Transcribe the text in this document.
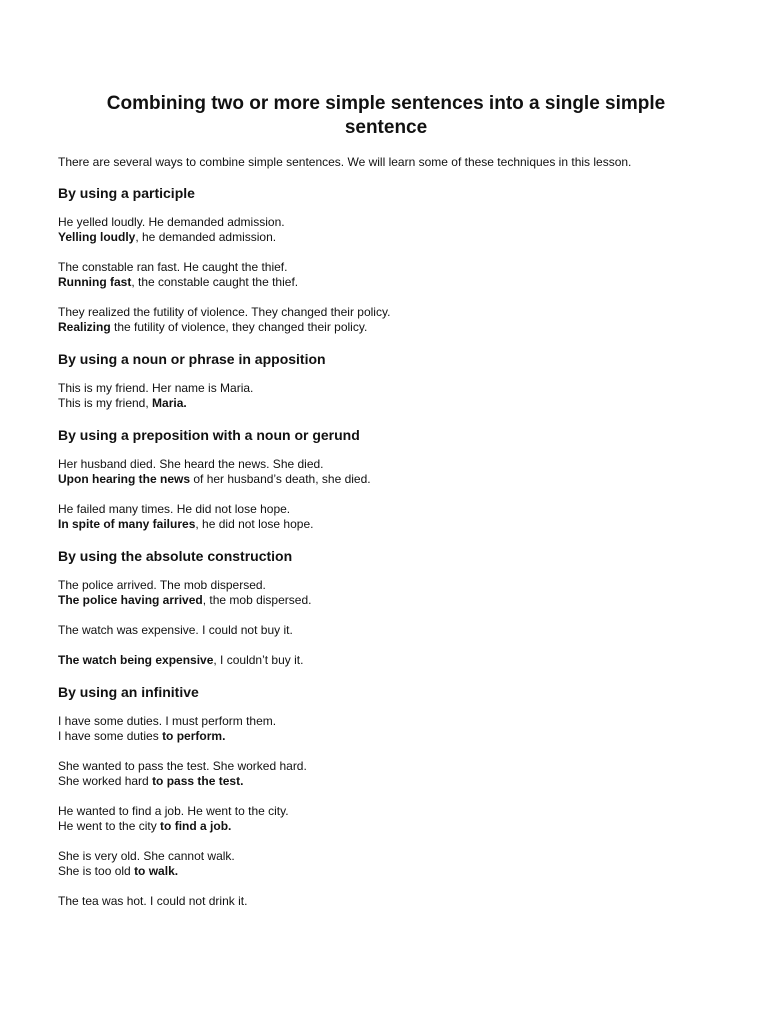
Combining two or more simple sentences into a single simple sentence

There are several ways to combine simple sentences. We will learn some of these techniques in this lesson.

By using a participle
He yelled loudly. He demanded admission.
Yelling loudly, he demanded admission.
The constable ran fast. He caught the thief.
Running fast, the constable caught the thief.
They realized the futility of violence. They changed their policy.
Realizing the futility of violence, they changed their policy.
By using a noun or phrase in apposition
This is my friend. Her name is Maria.
This is my friend, Maria.
By using a preposition with a noun or gerund
Her husband died. She heard the news. She died.
Upon hearing the news of her husband’s death, she died.
He failed many times. He did not lose hope.
In spite of many failures, he did not lose hope.
By using the absolute construction
The police arrived. The mob dispersed.
The police having arrived, the mob dispersed.
The watch was expensive. I could not buy it.
The watch being expensive, I couldn’t buy it.
By using an infinitive
I have some duties. I must perform them.
I have some duties to perform.
She wanted to pass the test. She worked hard.
She worked hard to pass the test.
He wanted to find a job. He went to the city.
He went to the city to find a job.
She is very old. She cannot walk.
She is too old to walk.
The tea was hot. I could not drink it.
